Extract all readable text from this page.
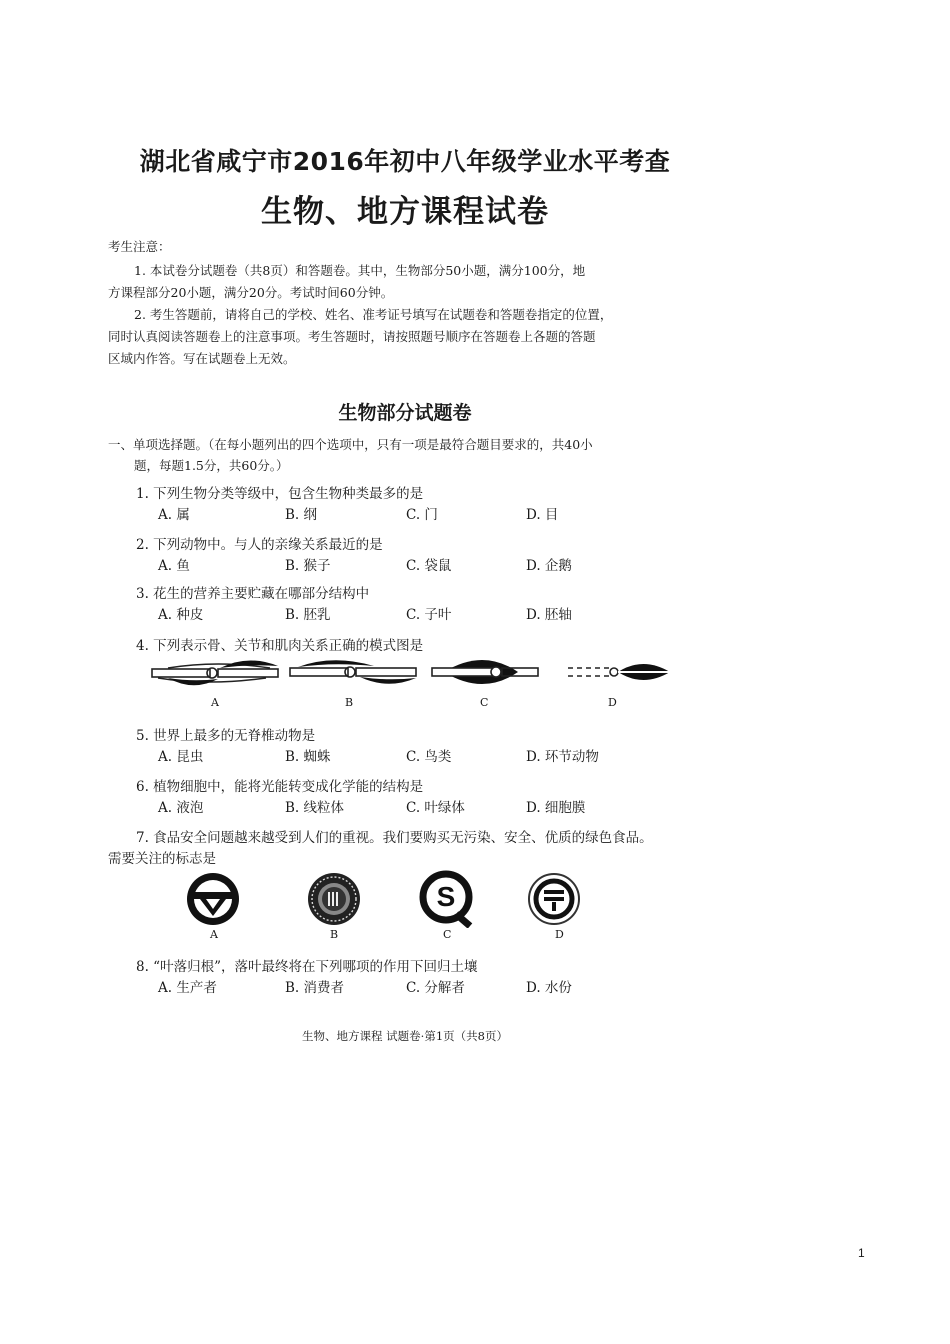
湖北省咸宁市2016年初中八年级学业水平考查
生物、地方课程试卷
考生注意：
1. 本试卷分试题卷（共8页）和答题卷。其中，生物部分50小题，满分100分，地
方课程部分20小题，满分20分。考试时间60分钟。
2. 考生答题前，请将自己的学校、姓名、准考证号填写在试题卷和答题卷指定的位置，
同时认真阅读答题卷上的注意事项。考生答题时，请按照题号顺序在答题卷上各题的答题
区域内作答。写在试题卷上无效。
生物部分试题卷
一、单项选择题。（在每小题列出的四个选项中，只有一项是最符合题目要求的，共40小
题，每题1.5分，共60分。）
1. 下列生物分类等级中，包含生物种类最多的是
A. 属	B. 纲	C. 门	D. 目
2. 下列动物中。与人的亲缘关系最近的是
A. 鱼	B. 猴子	C. 袋鼠	D. 企鹅
3. 花生的营养主要贮藏在哪部分结构中
A. 种皮	B. 胚乳	C. 子叶	D. 胚轴
4. 下列表示骨、关节和肌肉关系正确的模式图是
A	B	C	D
5. 世界上最多的无脊椎动物是
A. 昆虫	B. 蜘蛛	C. 鸟类	D. 环节动物
6. 植物细胞中，能将光能转变成化学能的结构是
A. 液泡	B. 线粒体	C. 叶绿体	D. 细胞膜
7. 食品安全问题越来越受到人们的重视。我们要购买无污染、安全、优质的绿色食品。
需要关注的标志是
S
A	B	C	D
8. “叶落归根”，落叶最终将在下列哪项的作用下回归土壤
A. 生产者	B. 消费者	C. 分解者	D. 水份
生物、地方课程 试题卷·第1页（共8页）
1
